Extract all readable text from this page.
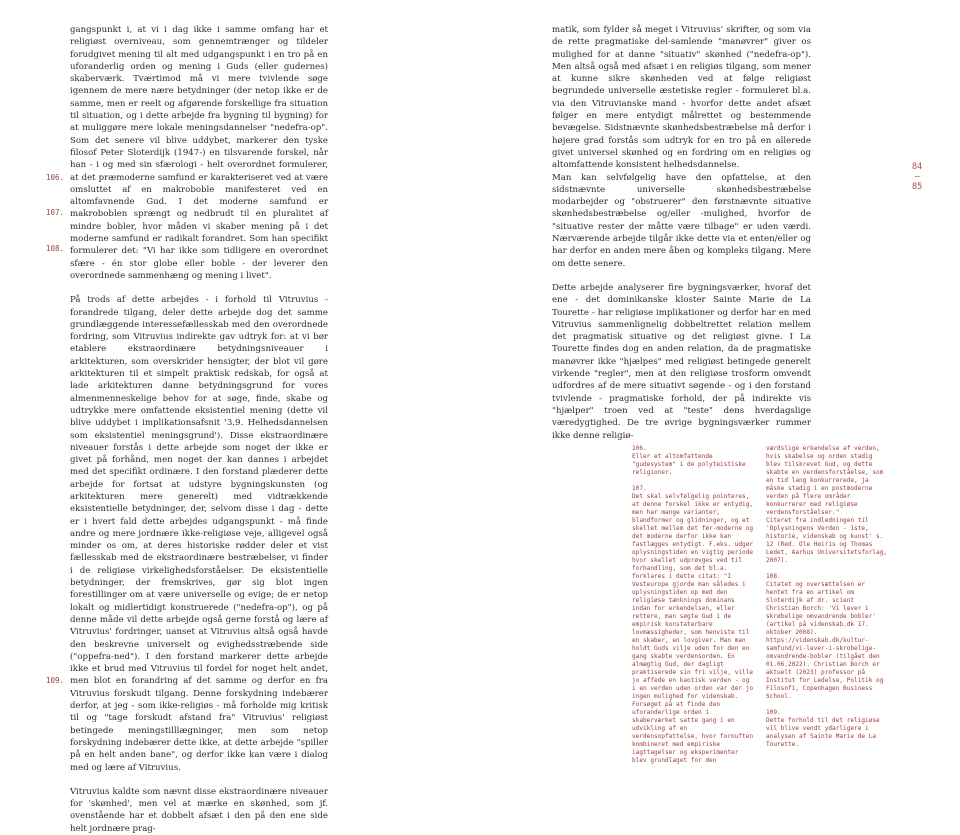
gangspunkt i, at vi i dag ikke i samme omfang har et religiøst overniveau, som gennemtrænger og tildeler forudgivet mening til alt med udgangspunkt i en tro på en uforanderlig orden og mening i Guds (eller gudernes) skaberværk. Tværtimod må vi mere tvivlende søge igennem de mere nære betydninger (der netop ikke er de samme, men er reelt og afgørende forskellige fra situation til situation, og i dette arbejde fra bygning til bygning) for at muliggøre mere lokale meningsdannelser "nedefra-op". Som det senere vil blive uddybet, markerer den tyske filosof Peter Sloterdijk (1947-) en tilsvarende forskel, når han - i og med sin sfærologi - helt overordnet formulerer, at det præmoderne samfund er karakteriseret ved at være omsluttet af en makroboble manifesteret ved en altomfavnende Gud. I det moderne samfund er makroboblen sprængt og nedbrudt til en pluralitet af mindre bobler, hvor måden vi skaber mening på i det moderne samfund er radikalt forandret. Som han specifikt formulerer det: "Vi har ikke som tidligere en overordnet sfære - én stor globe eller boble - der leverer den overordnede sammenhæng og mening i livet".

På trods af dette arbejdes - i forhold til Vitruvius - forandrede tilgang, deler dette arbejde dog det samme grundlæggende interessefællesskab med den overordnede fordring, som Vitruvius indirekte gav udtryk for: at vi bør etablere ekstraordinære betydningsniveauer i arkitekturen, som overskrider hensigter, der blot vil gøre arkitekturen til et simpelt praktisk redskab, for også at lade arkitekturen danne betydningsgrund for vores almenmenneskelige behov for at søge, finde, skabe og udtrykke mere omfattende eksistentiel mening (dette vil blive uddybet i implikationsafsnit '3.9. Helhedsdannelsen som eksistentiel meningsgrund'). Disse ekstraordinære niveauer forstås i dette arbejde som noget der ikke er givet på forhånd, men noget der kan dannes i arbejdet med det specifikt ordinære. I den forstand plæderer dette arbejde for fortsat at udstyre bygningskunsten (og arkitekturen mere generelt) med vidtrækkende eksistentielle betydninger, der, selvom disse i dag - dette er i hvert fald dette arbejdes udgangspunkt - må finde andre og mere jordnære ikke-religiøse veje, alligevel også minder os om, at deres historiske rødder deler et vist fællesskab med de ekstraordinære bestræbelser, vi finder i de religiøse virkelighedsforståelser. De eksistentielle betydninger, der fremskrives, gør sig blot ingen forestillinger om at være universelle og evige; de er netop lokalt og midlertidigt konstruerede ("nedefra-op"), og på denne måde vil dette arbejde også gerne forstå og lære af Vitruvius' fordringer, uanset at Vitruvius altså også havde den beskrevne universelt og evighedsstræbende side ("oppefra-ned"). I den forstand markerer dette arbejde ikke et brud med Vitruvius til fordel for noget helt andet, men blot en forandring af det samme og derfor en fra Vitruvius forskudt tilgang. Denne forskydning indebærer derfor, at jeg - som ikke-religiøs - må forholde mig kritisk til og "tage forskudt afstand fra" Vitruvius' religiøst betingede meningstilllægninger, men som netop forskydning indebærer dette ikke, at dette arbejde "spiller på en helt anden bane", og derfor ikke kan være i dialog med og lære af Vitruvius.

Vitruvius kaldte som nævnt disse ekstraordinære niveauer for 'skønhed', men vel at mærke en skønhed, som jf. ovenstående har et dobbelt afsæt i den på den ene side helt jordnære prag-

106.
107.
108.
109.

matik, som fylder så meget i Vitruvius' skrifter, og som via de rette pragmatiske del-samlende "manøvrer" giver os mulighed for at danne "situativ" skønhed ("nedefra-op"). Men altså også med afsæt i en religiøs tilgang, som mener at kunne sikre skønheden ved at følge religiøst begrundede universelle æstetiske regler - formuleret bl.a. via den Vitruvianske mand - hvorfor dette andet afsæt følger en mere entydigt målrettet og bestemmende bevægelse. Sidstnævnte skønhedsbestræbelse må derfor i højere grad forstås som udtryk for en tro på en allerede givet universel skønhed og en fordring om en religiøs og altomfattende konsistent helhedsdannelse.

Man kan selvfølgelig have den opfattelse, at den sidstnævnte universelle skønhedsbestræbelse modarbejder og "obstruerer" den førstnævnte situative skønhedsbestræbelse og/eller -mulighed, hvorfor de "situative rester der måtte være tilbage" er uden værdi. Nærværende arbejde tilgår ikke dette via et enten/eller og har derfor en anden mere åben og kompleks tilgang. Mere om dette senere.

Dette arbejde analyserer fire bygningsværker, hvoraf det ene - det dominikanske kloster Sainte Marie de La Tourette - har religiøse implikationer og derfor har en med Vitruvius sammenlignelig dobbeltrettet relation mellem det pragmatisk situative og det religiøst givne. I La Tourette findes dog en anden relation, da de pragmatiske manøvrer ikke "hjælpes" med religiøst betingede generelt virkende "regler", men at den religiøse trosform omvendt udfordres af de mere situativt søgende - og i den forstand tvivlende - pragmatiske forhold, der på indirekte vis "hjælper" troen ved at "teste" dens hverdagslige væredygtighed. De tre øvrige bygningsværker rummer ikke denne religiø-

84
—
85

106.

Eller et altomfattende "gudesystem" i de polyteistiske religioner.

107.

Det skal selvfølgelig pointeres, at denne forskel ikke er entydig, men har mange varianter, blandformer og glidninger, og et skellet mellem det før-moderne og det moderne derfor ikke kan fastlægges entydigt. F.eks. udgør oplysningstiden en vigtig periode hvor skellet udprøvges ved til forhandling, som det bl.a. forklares i dette citat: "I Vesteurope gjorde man således i oplysningstiden op med den religiøse tænknings dominans indan for erkendelsen, eller rettere, man søgte Gud i de empirisk konstaterbare lovmæssigheder, som henviste til en skaber, en lovgiver. Man man holdt Guds vilje uden for den en gang skabte verdensorden. En almægtig Gud, der dagligt praktiserede sin fri vilje, ville jo affede en kaotisk verden - og i en verden uden orden var der jo ingen mulighed for videnskab. Forsøget på at finde den uforanderlige orden i skaberværket satte gang i en udvikling af en verdensopfattelse, hvor fornuften kombineret med empiriske iagttagelser og eksperimenter blev grundlaget for den

værdslige erkendelse af verden, hvis skabelse og orden stadig blev tilskrevet Gud, og dette skabte en verdensforståelse, som en tid lang konkurrerede, ja måske stadig i en postmoderne verden på flere områder konkurrerer med religiøse verdensforståelser."

Citeret fra indledningen til 'Oplysningens Verden - 1ste, historie, videnskab og kunst' s. 12 (Red. Ole Høiris og Thomas Ledet, Aarhus Universitetsforlag, 2007).

108.

Citatet og oversættelsen er hentet fra en artikel om Sloterdijk af dr. scient Christian Borch: 'Vi lever i skrøbelige omvandrende bobler' (artikel på videnskab.dk 17. oktober 2008). https://videnskab.dk/kultur-samfund/vi-lever-i-skrobelige-omvandrende-bobler (tilgået den 01.06.2022). Christian Borch er aktuelt (2023) professor på Institut for Ledelse, Politik og Filosofi, Copenhagen Business School.

109.

Dette forhold til det religiøse vil blive vendt ydarligere i analysen af Sainte Marie de La Tourette.
